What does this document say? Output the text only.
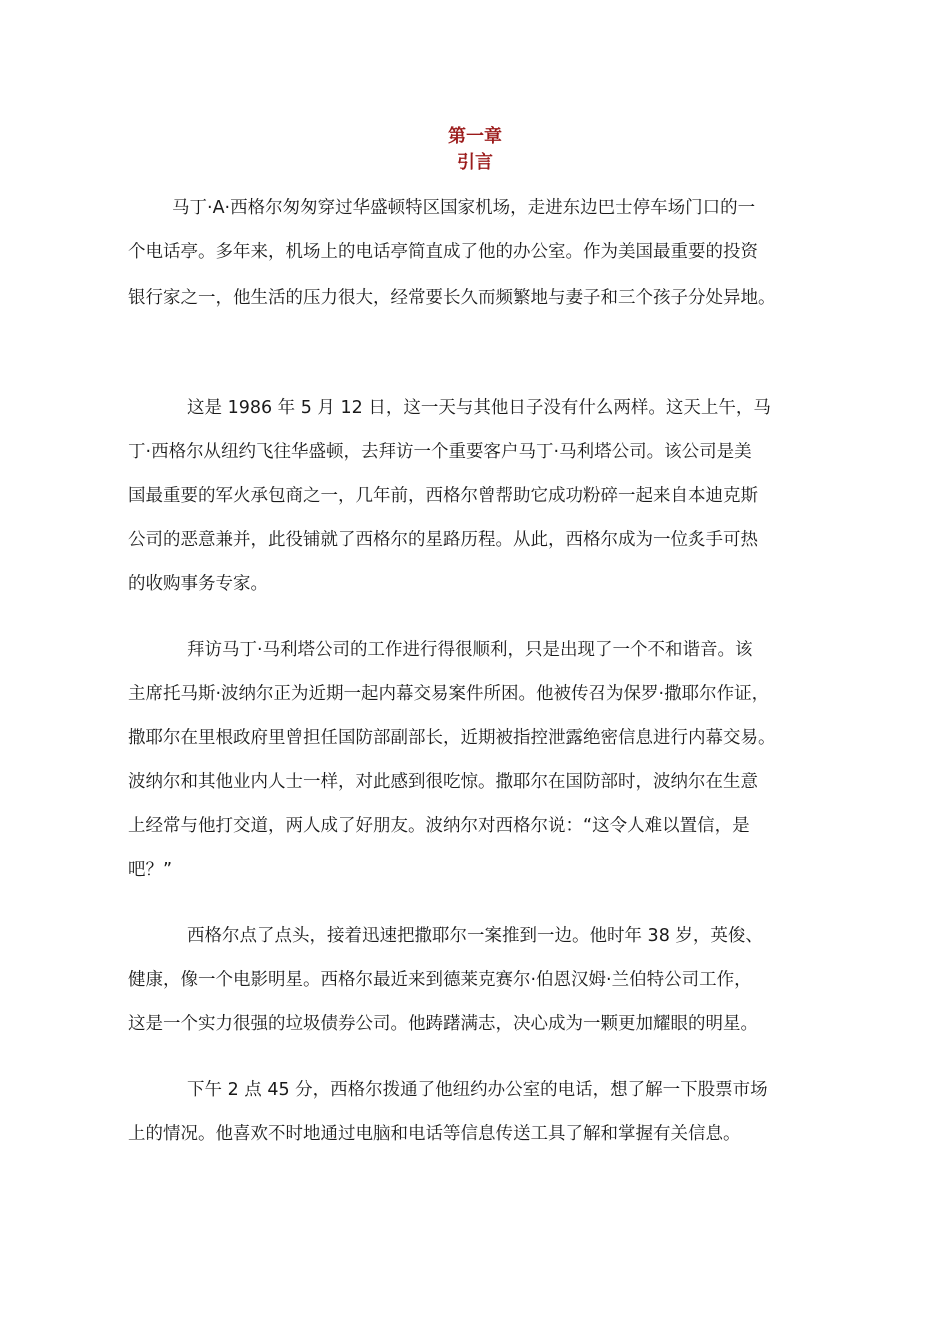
第一章
引言
马丁·A·西格尔匆匆穿过华盛顿特区国家机场，走进东边巴士停车场门口的一
个电话亭。多年来，机场上的电话亭简直成了他的办公室。作为美国最重要的投资
银行家之一，他生活的压力很大，经常要长久而频繁地与妻子和三个孩子分处异地。
这是 1986 年 5 月 12 日，这一天与其他日子没有什么两样。这天上午，马
丁·西格尔从纽约飞往华盛顿，去拜访一个重要客户马丁·马利塔公司。该公司是美
国最重要的军火承包商之一，几年前，西格尔曾帮助它成功粉碎一起来自本迪克斯
公司的恶意兼并，此役铺就了西格尔的星路历程。从此，西格尔成为一位炙手可热
的收购事务专家。
拜访马丁·马利塔公司的工作进行得很顺利，只是出现了一个不和谐音。该
主席托马斯·波纳尔正为近期一起内幕交易案件所困。他被传召为保罗·撒耶尔作证，
撒耶尔在里根政府里曾担任国防部副部长，近期被指控泄露绝密信息进行内幕交易。
波纳尔和其他业内人士一样，对此感到很吃惊。撒耶尔在国防部时，波纳尔在生意
上经常与他打交道，两人成了好朋友。波纳尔对西格尔说：“这令人难以置信，是
吧？”
西格尔点了点头，接着迅速把撒耶尔一案推到一边。他时年 38 岁，英俊、
健康，像一个电影明星。西格尔最近来到德莱克赛尔·伯恩汉姆·兰伯特公司工作，
这是一个实力很强的垃圾债券公司。他踌躇满志，决心成为一颗更加耀眼的明星。
下午 2 点 45 分，西格尔拨通了他纽约办公室的电话，想了解一下股票市场
上的情况。他喜欢不时地通过电脑和电话等信息传送工具了解和掌握有关信息。
